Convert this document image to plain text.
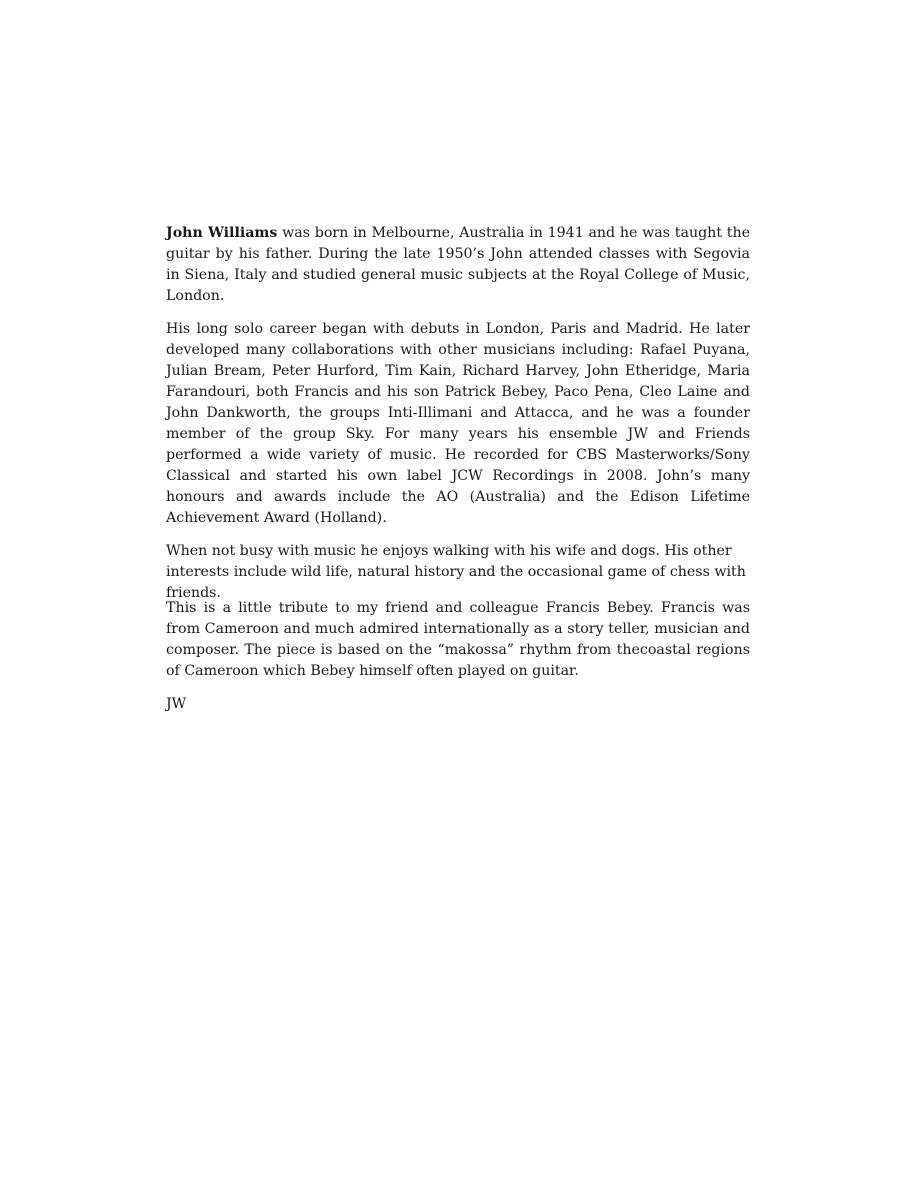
John Williams was born in Melbourne, Australia in 1941 and he was taught the guitar by his father. During the late 1950’s John attended classes with Segovia in Siena, Italy and studied general music subjects at the Royal College of Music, London.

His long solo career began with debuts in London, Paris and Madrid. He later developed many collaborations with other musicians including: Rafael Puyana, Julian Bream, Peter Hurford, Tim Kain, Richard Harvey, John Etheridge, Maria Farandouri, both Francis and his son Patrick Bebey, Paco Pena, Cleo Laine and John Dankworth, the groups Inti-Illimani and Attacca, and he was a founder member of the group Sky. For many years his ensemble JW and Friends performed a wide variety of music. He recorded for CBS Masterworks/Sony Classical and started his own label JCW Recordings in 2008. John’s many honours and awards include the AO (Australia) and the Edison Lifetime Achievement Award (Holland).

When not busy with music he enjoys walking with his wife and dogs. His other interests include wild life, natural history and the occasional game of chess with friends.

This is a little tribute to my friend and colleague Francis Bebey. Francis was from Cameroon and much admired internationally as a story teller, musician and composer. The piece is based on the “makossa” rhythm from thecoastal regions of Cameroon which Bebey himself often played on guitar.

JW
